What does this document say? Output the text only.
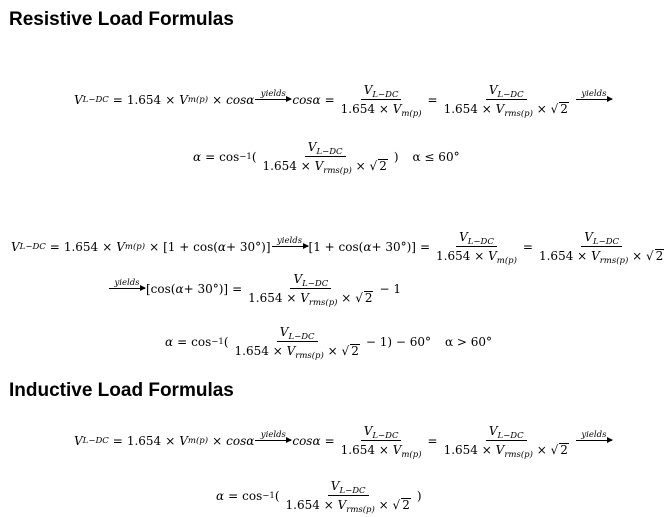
Resistive Load Formulas
V L−DC = 1.654 × V m(p) × cosα yields $\cos\alpha = \frac{V_{L-DC}}{1.654 \times V_{m(p)}} = \frac{V_{L-DC}}{1.654 \times V_{rms(p)} \times √ 2}$ yields
α = cos −1 ( $\frac{V_{L-DC}}{1.654 \times V_{rms(p)} \times √ 2}$ ) α ≤ 60°
V L−DC = 1.654 × V m(p) × [1 + cos( α + 30°)] yields [1 + cos( $\alpha + 30^\circ)] = \frac{V_{L-DC}}{1.654 \times V_{m(p)}} = \frac{V_{L-DC}}{1.654 \times V_{rms(p)} \times √ 2}$
yields [cos( $\alpha + 30^\circ)] = \frac{V_{L-DC}}{1.654 \times V_{rms(p)} \times √ 2} - 1$
α = cos −1 ( $\frac{V_{L-DC}}{1.654 \times V_{rms(p)} \times √ 2} - 1) - 60^\circ$ α > 60°
Inductive Load Formulas
V L−DC = 1.654 × V m(p) × cosα yields $\cos\alpha = \frac{V_{L-DC}}{1.654 \times V_{m(p)}} = \frac{V_{L-DC}}{1.654 \times V_{rms(p)} \times √ 2}$ yields
α = cos −1 ( $\frac{V_{L-DC}}{1.654 \times V_{rms(p)} \times √ 2}$ )
